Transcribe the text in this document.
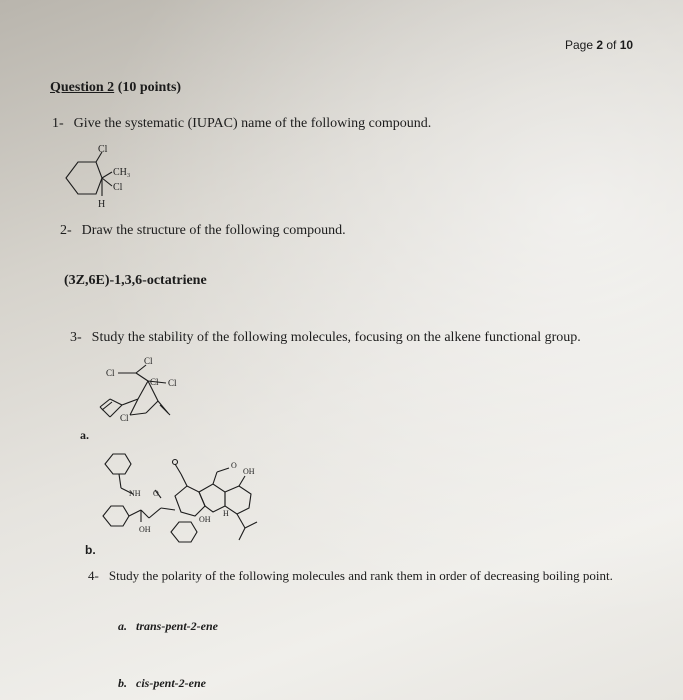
Page 2 of 10
Question 2 (10 points)
1- Give the systematic (IUPAC) name of the following compound.
Cl
CH₃
Cl
H
2- Draw the structure of the following compound.
(3Z,6E)-1,3,6-octatriene
3- Study the stability of the following molecules, focusing on the alkene functional group.
Cl
Cl
Cl Cl
Cl
a.
NH O
OH
OH
O
OH
H
b.
4- Study the polarity of the following molecules and rank them in order of decreasing boiling point.
a. trans-pent-2-ene
b. cis-pent-2-ene
